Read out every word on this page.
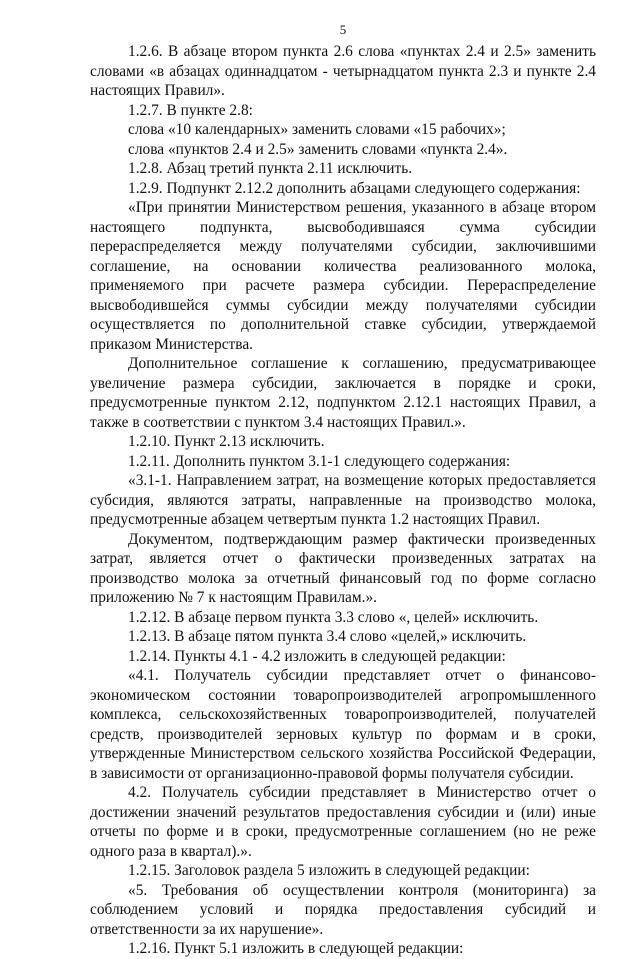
5

1.2.6. В абзаце втором пункта 2.6 слова «пунктах 2.4 и 2.5» заменить словами «в абзацах одиннадцатом - четырнадцатом пункта 2.3 и пункте 2.4 настоящих Правил».

1.2.7. В пункте 2.8:

слова «10 календарных» заменить словами «15 рабочих»;

слова «пунктов 2.4 и 2.5» заменить словами «пункта 2.4».

1.2.8. Абзац третий пункта 2.11 исключить.

1.2.9. Подпункт 2.12.2 дополнить абзацами следующего содержания:

«При принятии Министерством решения, указанного в абзаце втором настоящего подпункта, высвободившаяся сумма субсидии перераспределяется между получателями субсидии, заключившими соглашение, на основании количества реализованного молока, применяемого при расчете размера субсидии. Перераспределение высвободившейся суммы субсидии между получателями субсидии осуществляется по дополнительной ставке субсидии, утверждаемой приказом Министерства.

Дополнительное соглашение к соглашению, предусматривающее увеличение размера субсидии, заключается в порядке и сроки, предусмотренные пунктом 2.12, подпунктом 2.12.1 настоящих Правил, а также в соответствии с пунктом 3.4 настоящих Правил.».

1.2.10. Пункт 2.13 исключить.

1.2.11. Дополнить пунктом 3.1-1 следующего содержания:

«3.1-1. Направлением затрат, на возмещение которых предоставляется субсидия, являются затраты, направленные на производство молока, предусмотренные абзацем четвертым пункта 1.2 настоящих Правил.

Документом, подтверждающим размер фактически произведенных затрат, является отчет о фактически произведенных затратах на производство молока за отчетный финансовый год по форме согласно приложению № 7 к настоящим Правилам.».

1.2.12. В абзаце первом пункта 3.3 слово «, целей» исключить.

1.2.13. В абзаце пятом пункта 3.4 слово «целей,» исключить.

1.2.14. Пункты 4.1 - 4.2 изложить в следующей редакции:

«4.1. Получатель субсидии представляет отчет о финансово-экономическом состоянии товаропроизводителей агропромышленного комплекса, сельскохозяйственных товаропроизводителей, получателей средств, производителей зерновых культур по формам и в сроки, утвержденные Министерством сельского хозяйства Российской Федерации, в зависимости от организационно-правовой формы получателя субсидии.

4.2. Получатель субсидии представляет в Министерство отчет о достижении значений результатов предоставления субсидии и (или) иные отчеты по форме и в сроки, предусмотренные соглашением (но не реже одного раза в квартал).».

1.2.15. Заголовок раздела 5 изложить в следующей редакции:

«5. Требования об осуществлении контроля (мониторинга) за соблюдением условий и порядка предоставления субсидий и ответственности за их нарушение».

1.2.16. Пункт 5.1 изложить в следующей редакции:
